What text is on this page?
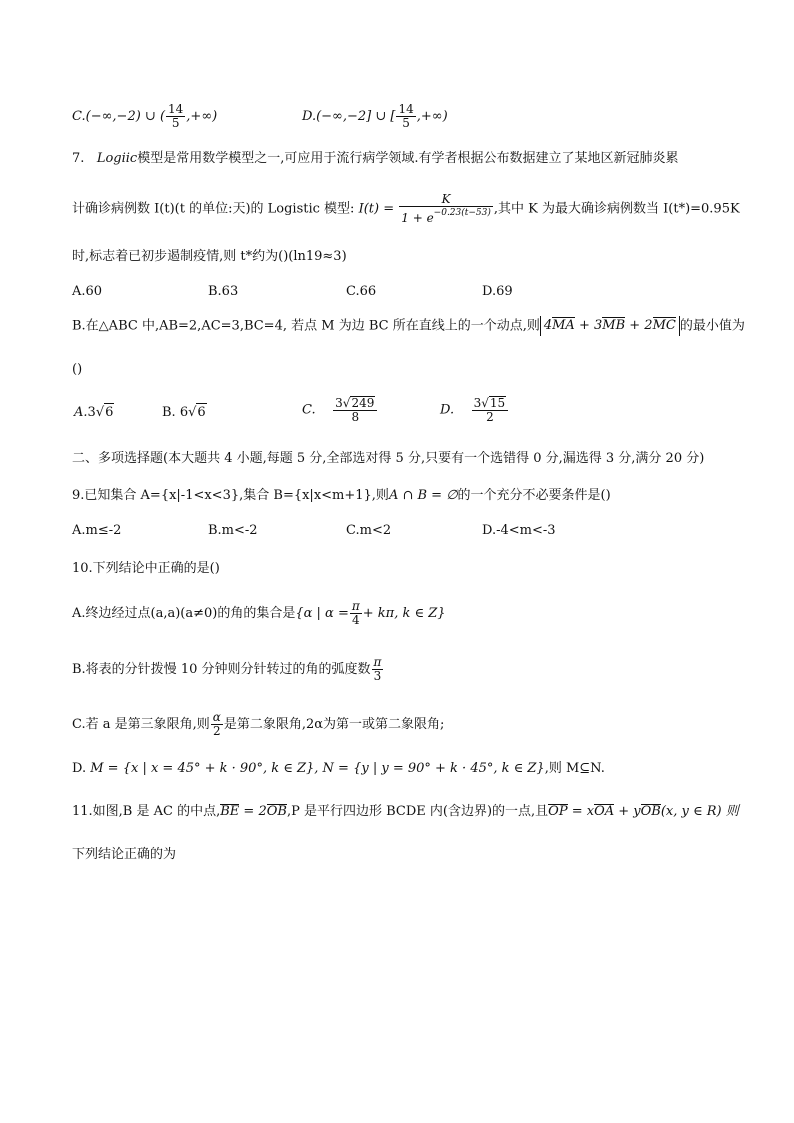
C.(−∞,−2) ∪ ( $\frac{14}{5}$ ,+∞)	D.(−∞,−2] ∪ [ $\frac{14}{5}$ ,+∞)
7. Logiic模型是常用数学模型之一,可应用于流行病学领域.有学者根据公布数据建立了某地区新冠肺炎累
计确诊病例数 I(t)(t 的单位:天)的 Logistic 模型: $I(t) = \frac{K}{1 + e^{-0.23(t-53)}}$ ,其中 K 为最大确诊病例数当 I(t*)=0.95K
时,标志着已初步遏制疫情,则 t*约为()(ln19≈3)
A.60	B.63	C.66	D.69
B.在△ABC 中,AB=2,AC=3,BC=4, 若点 M 为边 BC 所在直线上的一个动点,则 4MA + 3MB + 2MC 的最小值为
()
A.3√6	B. 6√6	C. $\frac{3√249}{8}$	D. $\frac{3√15}{2}$
二、多项选择题(本大题共 4 小题,每题 5 分,全部选对得 5 分,只要有一个选错得 0 分,漏选得 3 分,满分 20 分)
9.已知集合 A={x|-1<x<3},集合 B={x|x<m+1},则A ∩ B = ∅的一个充分不必要条件是()
A.m≤-2	B.m<-2	C.m<2	D.-4<m<-3
10.下列结论中正确的是()
A.终边经过点(a,a)(a≠0)的角的集合是{α | $\alpha = \frac{\pi}{4} + k\pi$, k ∈ Z}
B.将表的分针拨慢 10 分钟则分针转过的角的弧度数 $\frac{\pi}{3}$
C.若 a 是第三象限角,则 $\frac{\alpha}{2}$ 是第二象限角,2α为第一或第二象限角;
D. M = {x | x = 45° + k · 90°, k ∈ Z}, N = {y | y = 90° + k · 45°, k ∈ Z},则 M⊆N.
11.如图,B 是 AC 的中点,BE = 2OB,P 是平行四边形 BCDE 内(含边界)的一点,且OP = xOA + yOB(x, y ∈ R) 则
下列结论正确的为
